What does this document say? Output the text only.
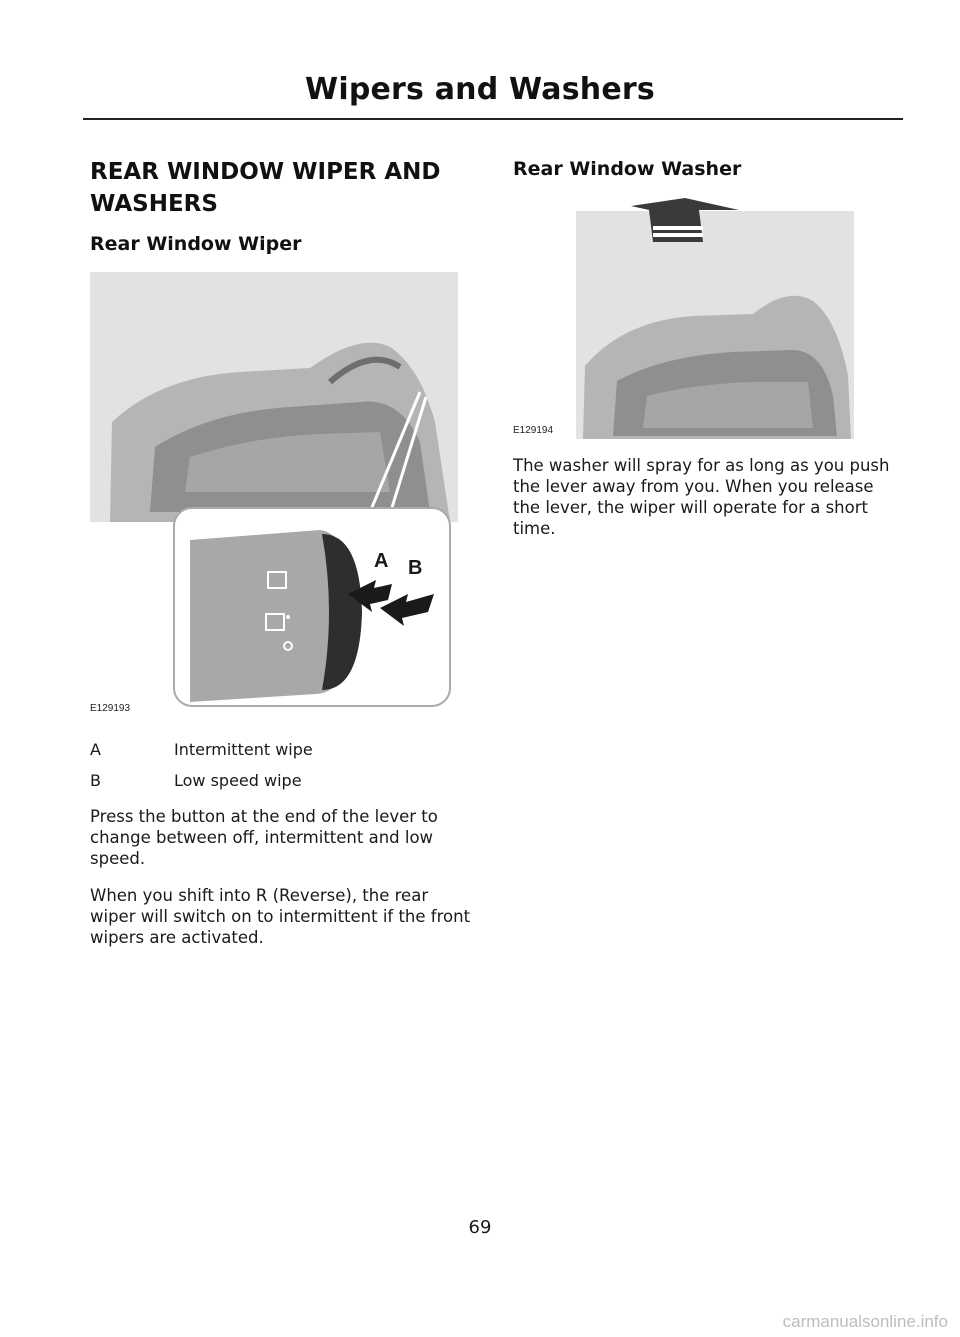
Wipers and Washers
REAR WINDOW WIPER AND WASHERS
Rear Window Wiper
A B
E129193
A	Intermittent wipe
B	Low speed wipe
Press the button at the end of the lever to change between off, intermittent and low speed.
When you shift into R (Reverse), the rear wiper will switch on to intermittent if the front wipers are activated.
Rear Window Washer
E129194
The washer will spray for as long as you push the lever away from you. When you release the lever, the wiper will operate for a short time.
69
carmanualsonline.info
